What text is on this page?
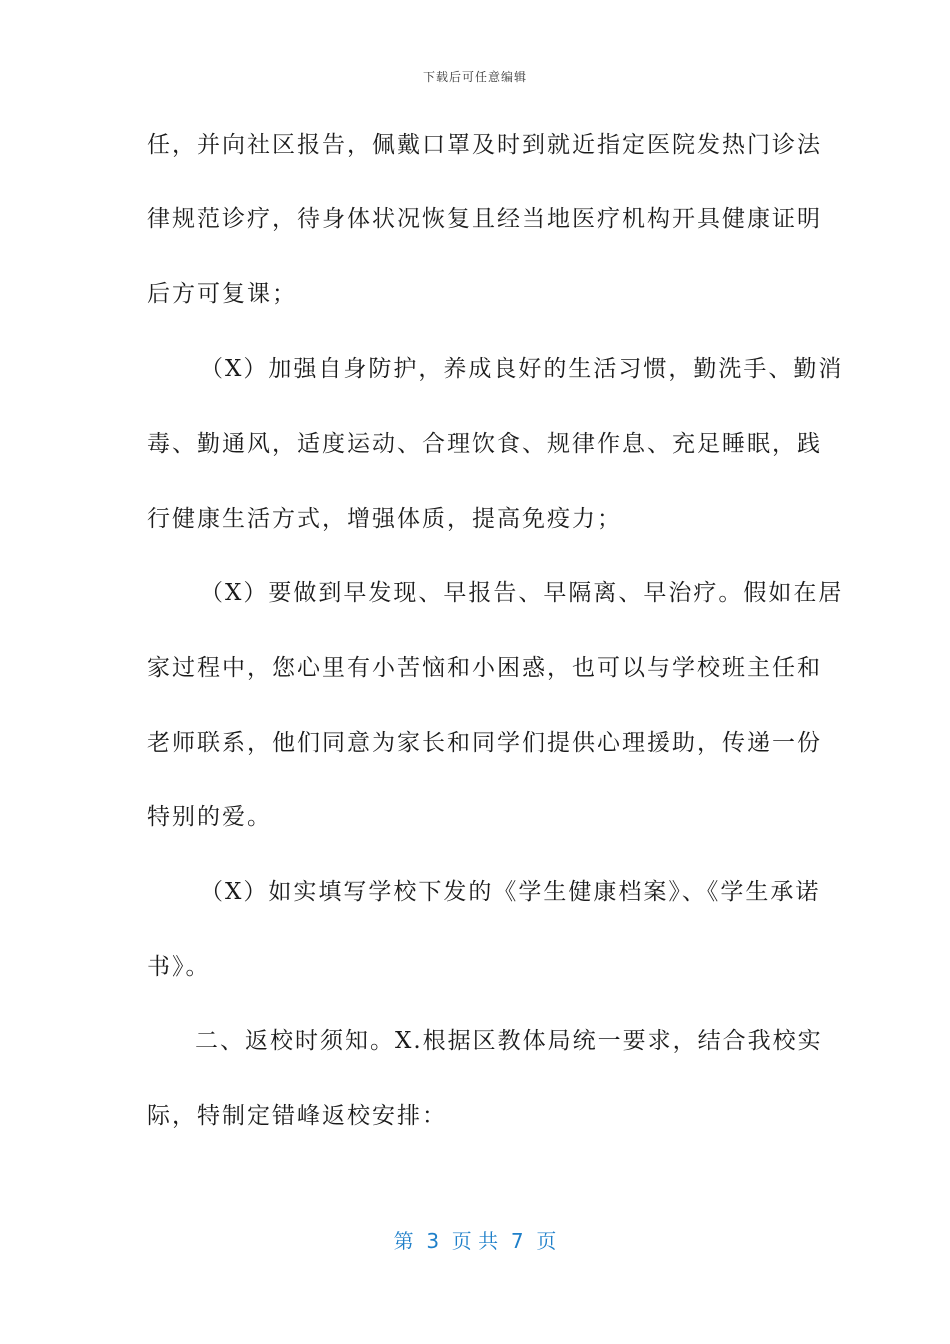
下载后可任意编辑
任，并向社区报告，佩戴口罩及时到就近指定医院发热门诊法
律规范诊疗，待身体状况恢复且经当地医疗机构开具健康证明
后方可复课；
（X）加强自身防护，养成良好的生活习惯，勤洗手、勤消
毒、勤通风，适度运动、合理饮食、规律作息、充足睡眠，践
行健康生活方式，增强体质，提高免疫力；
（X）要做到早发现、早报告、早隔离、早治疗。假如在居
家过程中，您心里有小苦恼和小困惑，也可以与学校班主任和
老师联系，他们同意为家长和同学们提供心理援助，传递一份
特别的爱。
（X）如实填写学校下发的《学生健康档案》、《学生承诺
书》。
二、返校时须知。X.根据区教体局统一要求，结合我校实
际，特制定错峰返校安排：
第  3  页 共  7  页
